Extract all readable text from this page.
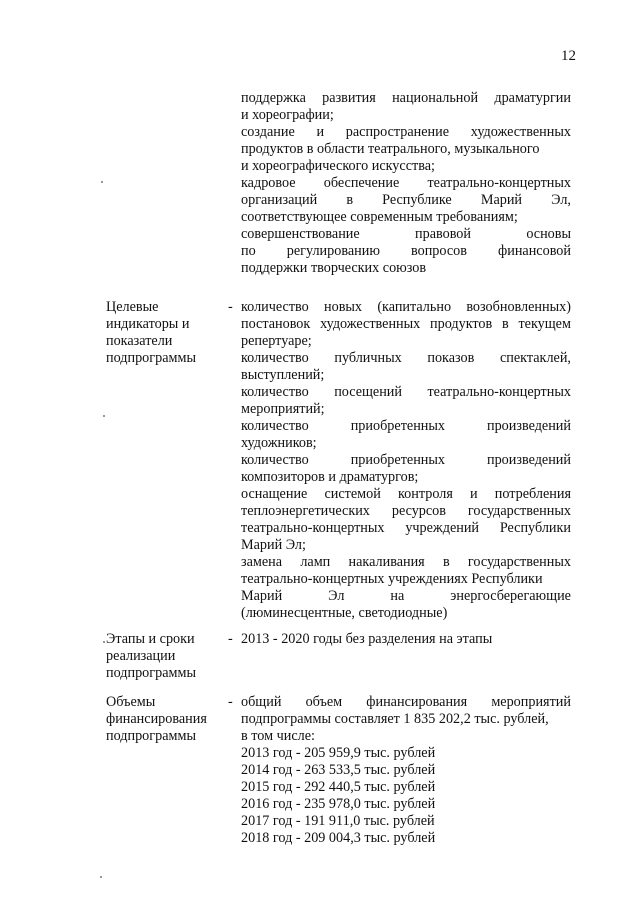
12
поддержка развития национальной драматургии
и хореографии;
создание и распространение художественных
продуктов в области театрального, музыкального
и хореографического искусства;
кадровое обеспечение театрально-концертных
организаций в Республике Марий Эл,
соответствующее современным требованиям;
совершенствование	правовой	основы
по регулированию вопросов финансовой
поддержки творческих союзов
Целевые
индикаторы и
показатели
подпрограммы
- количество новых (капитально возобновленных)
постановок художественных продуктов в текущем
репертуаре;
количество публичных показов спектаклей,
выступлений;
количество посещений театрально-концертных
мероприятий;
количество	приобретенных	произведений
художников;
количество	приобретенных	произведений
композиторов и драматургов;
оснащение системой контроля и потребления
теплоэнергетических ресурсов государственных
театрально-концертных учреждений Республики
Марий Эл;
замена ламп накаливания в государственных
театрально-концертных учреждениях Республики
Марий	Эл	на	энергосберегающие
(люминесцентные, светодиодные)
Этапы и сроки
реализации
подпрограммы
- 2013 - 2020 годы без разделения на этапы
Объемы
финансирования
подпрограммы
- общий объем финансирования мероприятий
подпрограммы составляет 1 835 202,2 тыс. рублей,
в том числе:
2013 год - 205 959,9 тыс. рублей
2014 год - 263 533,5 тыс. рублей
2015 год - 292 440,5 тыс. рублей
2016 год - 235 978,0 тыс. рублей
2017 год - 191 911,0 тыс. рублей
2018 год - 209 004,3 тыс. рублей
